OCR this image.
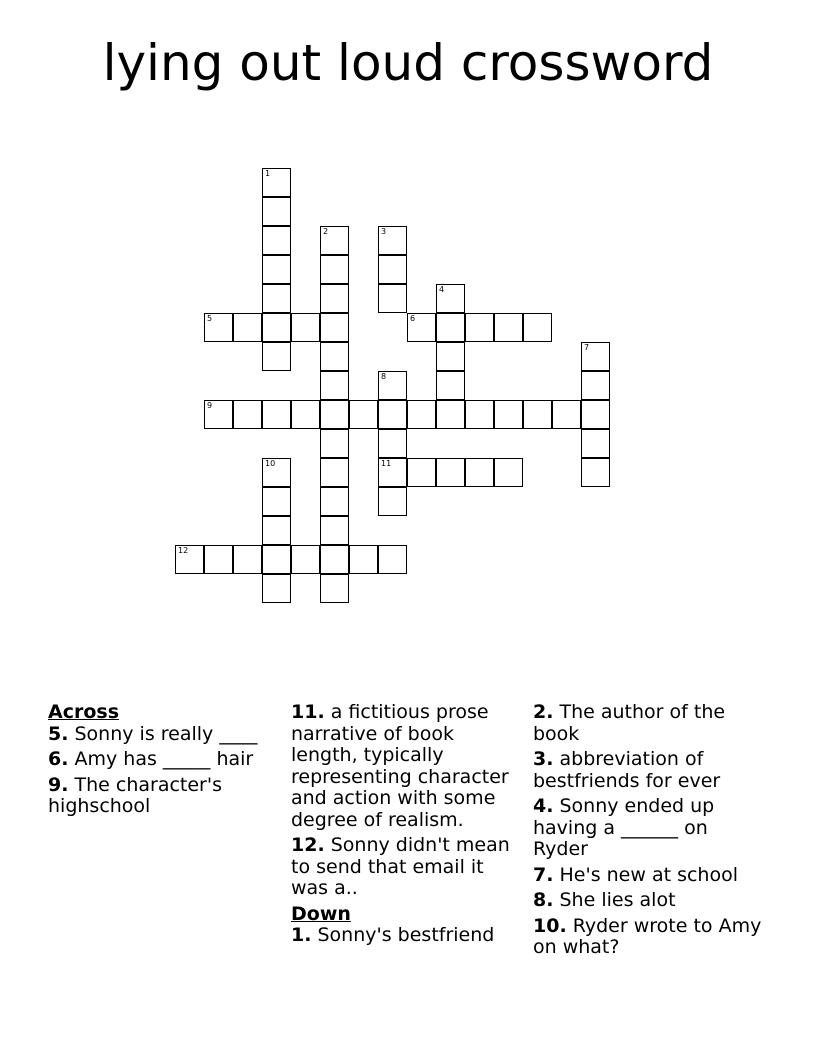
lying out loud crossword
1
2	3
4
5	6
7
8
11
9
10
12
Across
5. Sonny is really ____
6. Amy has _____ hair
9. The character's highschool
11. a fictitious prose narrative of book length, typically representing character and action with some degree of realism.
12. Sonny didn't mean to send that email it was a..
Down
1. Sonny's bestfriend
2. The author of the book
3. abbreviation of bestfriends for ever
4. Sonny ended up having a ______ on Ryder
7. He's new at school
8. She lies alot
10. Ryder wrote to Amy on what?
